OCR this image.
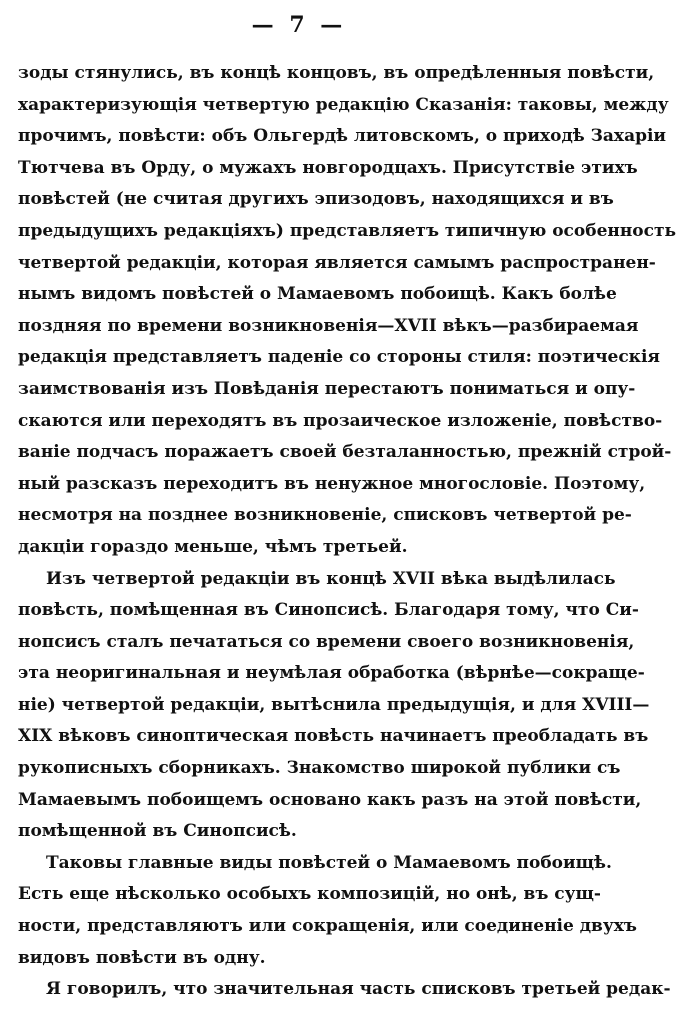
— 7 —
зоды стянулись, въ концѣ концовъ, въ опредѣленныя повѣсти,
характеризующія четвертую редакцію Сказанія: таковы, между
прочимъ, повѣсти: объ Ольгердѣ литовскомъ, о приходѣ Захаріи
Тютчева въ Орду, о мужахъ новгородцахъ. Присутствіе этихъ
повѣстей (не считая другихъ эпизодовъ, находящихся и въ
предыдущихъ редакціяхъ) представляетъ типичную особенность
четвертой редакціи, которая является самымъ распространен-
нымъ видомъ повѣстей о Мамаевомъ побоищѣ. Какъ болѣе
поздняя по времени возникновенія—XVII вѣкъ—разбираемая
редакція представляетъ паденіе со стороны стиля: поэтическія
заимствованія изъ Повѣданія перестаютъ пониматься и опу-
скаются или переходятъ въ прозаическое изложеніе, повѣство-
ваніе подчасъ поражаетъ своей безталанностью, прежній строй-
ный разсказъ переходитъ въ ненужное многословіе. Поэтому,
несмотря на позднее возникновеніе, списковъ четвертой ре-
дакціи гораздо меньше, чѣмъ третьей.
Изъ четвертой редакціи въ концѣ XVII вѣка выдѣлилась
повѣсть, помѣщенная въ Синопсисѣ. Благодаря тому, что Си-
нопсисъ сталъ печататься со времени своего возникновенія,
эта неоригинальная и неумѣлая обработка (вѣрнѣе—сокраще-
ніе) четвертой редакціи, вытѣснила предыдущія, и для XVIII—
XIX вѣковъ синоптическая повѣсть начинаетъ преобладать въ
рукописныхъ сборникахъ. Знакомство широкой публики съ
Мамаевымъ побоищемъ основано какъ разъ на этой повѣсти,
помѣщенной въ Синопсисѣ.
Таковы главные виды повѣстей о Мамаевомъ побоищѣ.
Есть еще нѣсколько особыхъ композицій, но онѣ, въ сущ-
ности, представляютъ или сокращенія, или соединеніе двухъ
видовъ повѣсти въ одну.
Я говорилъ, что значительная часть списковъ третьей редак-
